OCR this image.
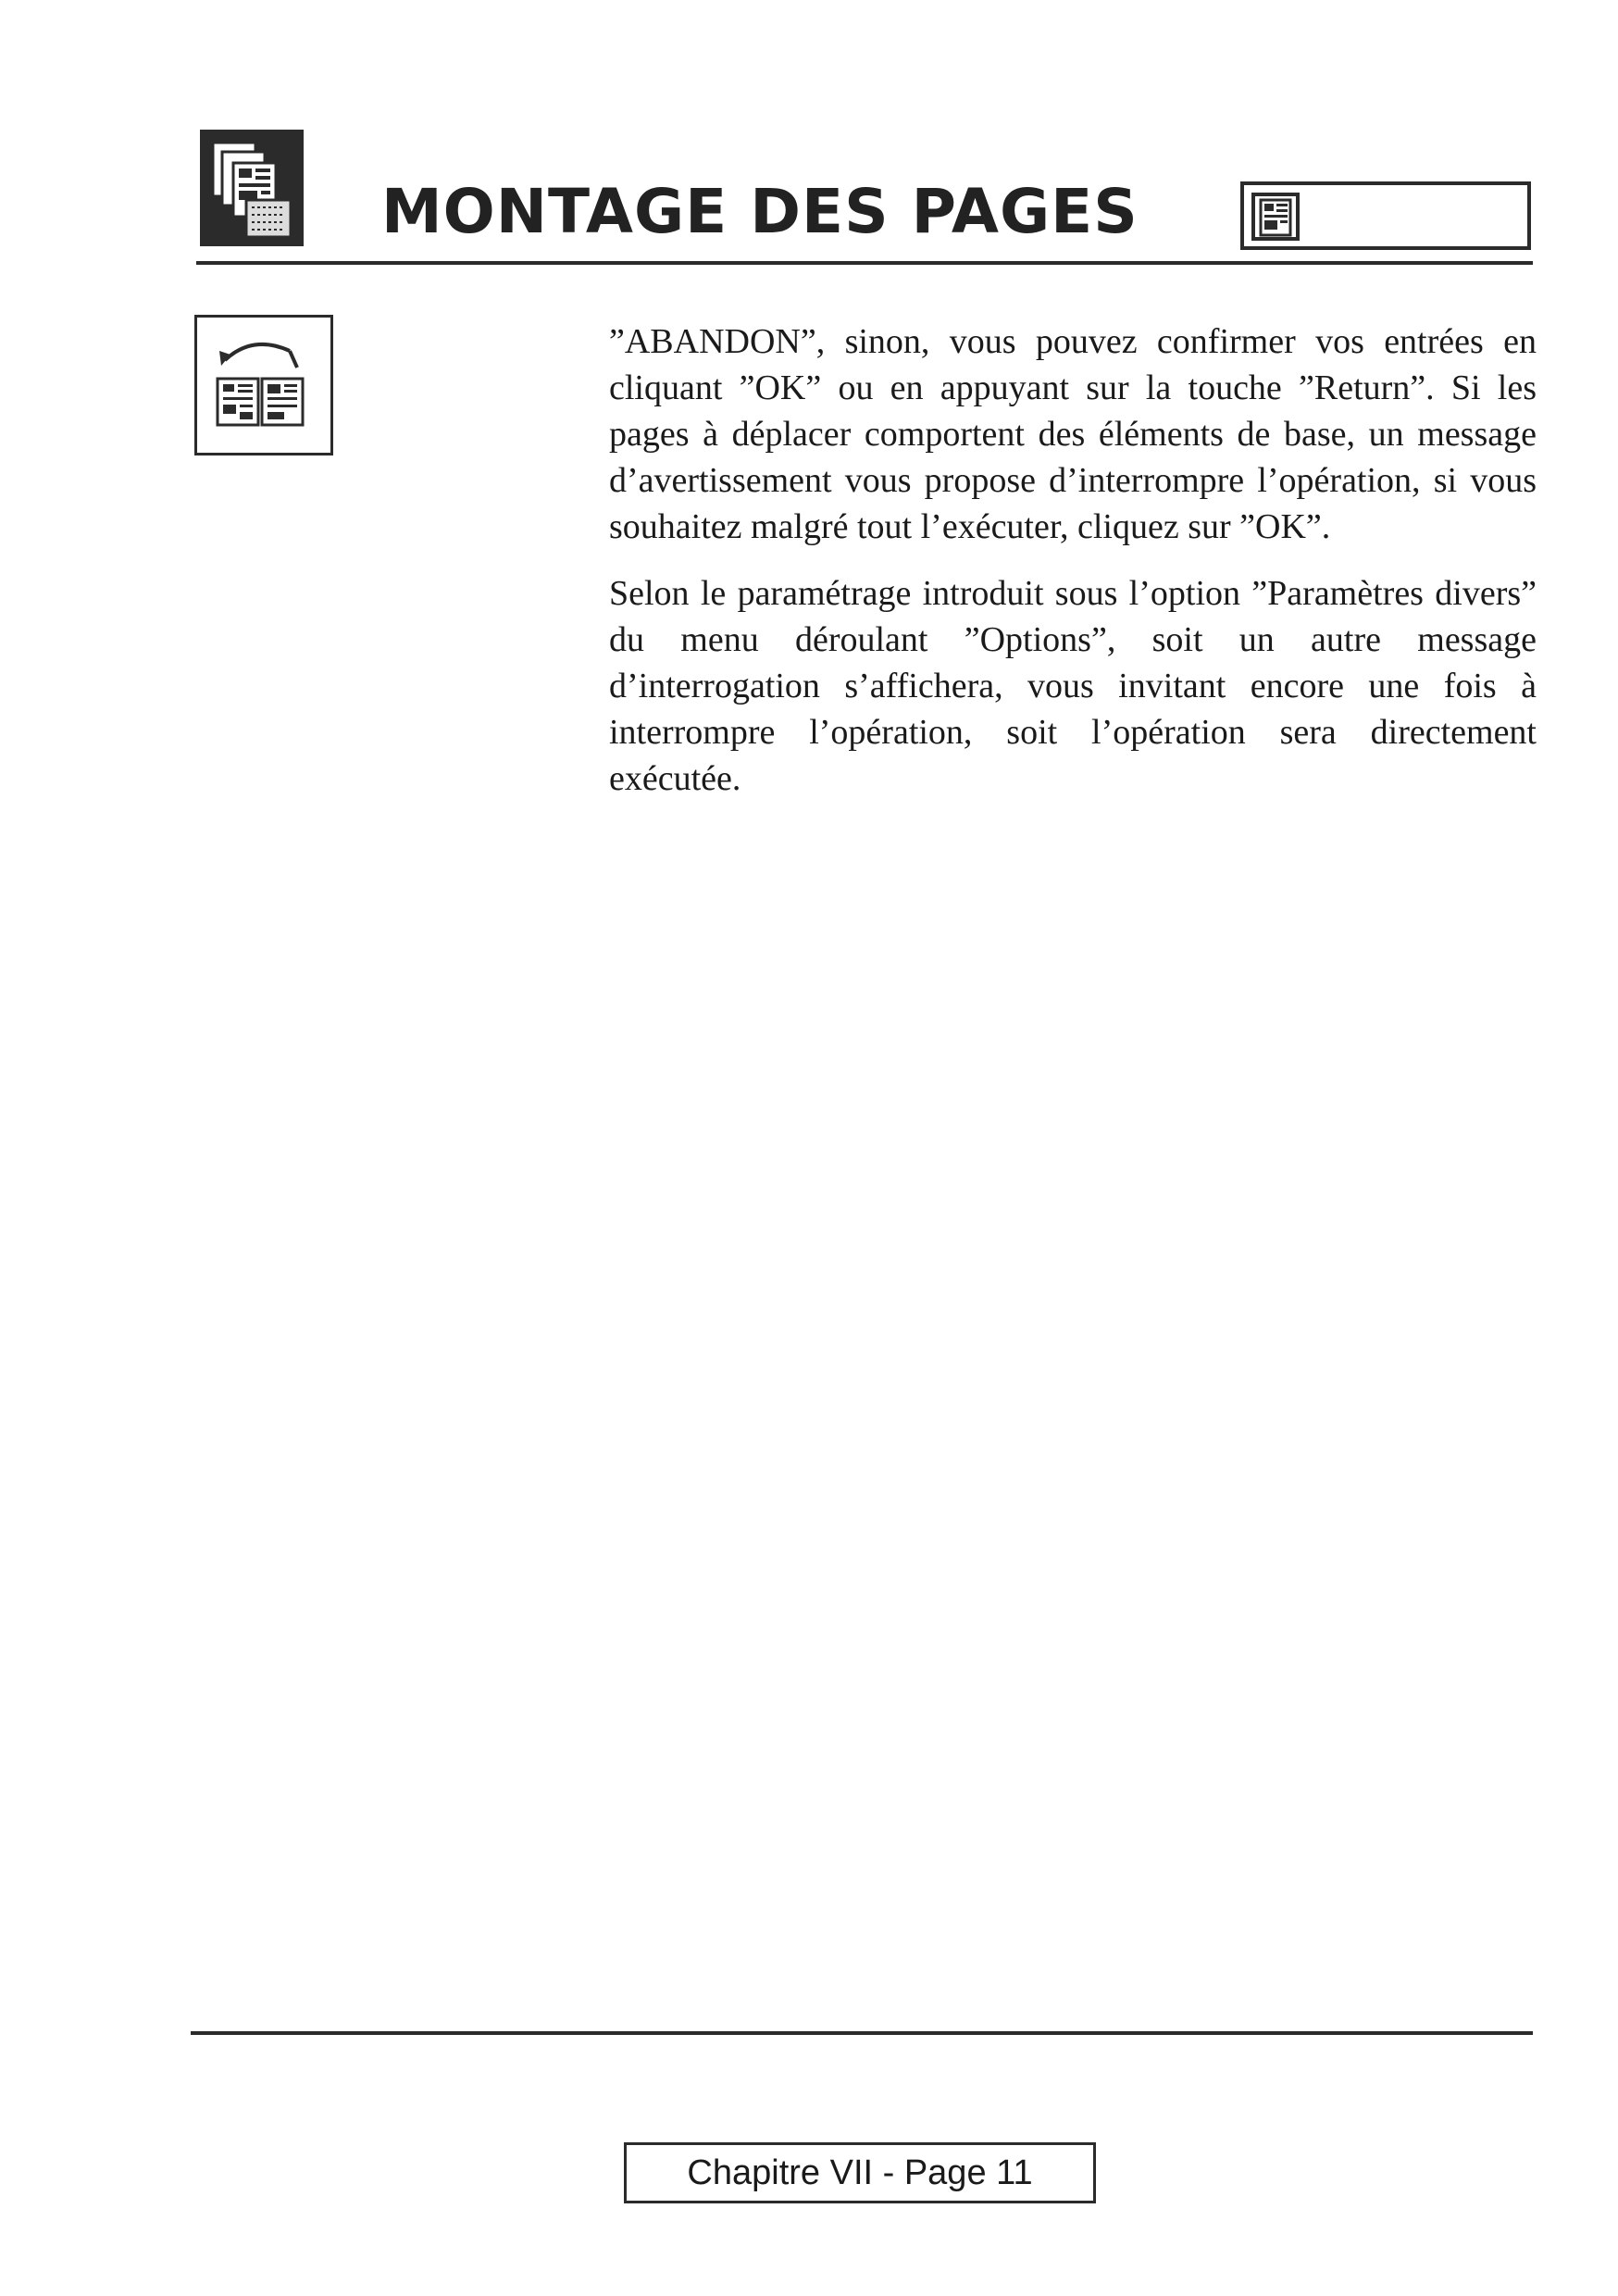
MONTAGE DES PAGES

”ABANDON”, sinon, vous pouvez confirmer vos entrées en cliquant ”OK” ou en appuyant sur la touche ”Return”. Si les pages à déplacer comportent des éléments de base, un message d’avertissement vous propose d’interrompre l’opération, si vous souhaitez malgré tout l’exécuter, cliquez sur ”OK”.

Selon le paramétrage introduit sous l’option ”Paramètres divers” du menu déroulant ”Options”, soit un autre message d’interrogation s’affichera, vous invitant encore une fois à interrompre l’opération, soit l’opération sera directement exécutée.

Chapitre VII - Page 11
